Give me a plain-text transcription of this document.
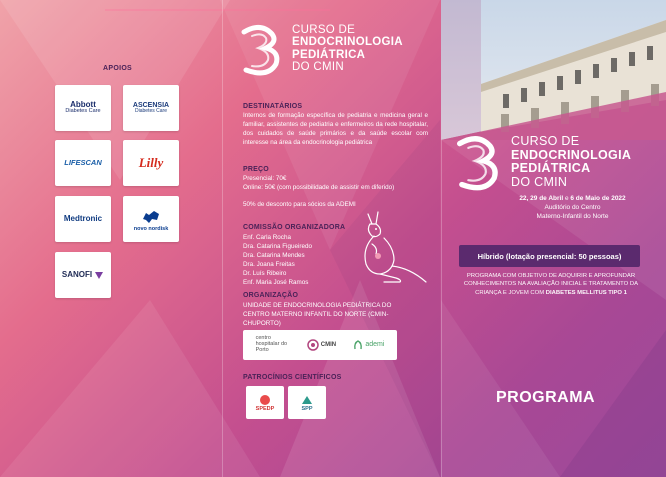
APOIOS
Abbott
Diabetes Care
ASCENSIA
Diabetes Care
LIFESCAN	Lilly
Medtronic
novo nordisk
SANOFI
CURSO DE
ENDOCRINOLOGIA
PEDIÁTRICA
DO CMIN
DESTINATÁRIOS
Internos de formação específica de pediatria e medicina geral e familiar, assistentes de pediatria e enfermeiros da rede hospitalar, dos cuidados de saúde primários e da saúde escolar com interesse na área da endocrinologia pediátrica
PREÇO
Presencial: 70€
Online: 50€ (com possibilidade de assistir em diferido)
50% de desconto para sócios da ADEMI
COMISSÃO ORGANIZADORA
Enf. Carla Rocha
Dra. Catarina Figueiredo
Dra. Catarina Mendes
Dra. Joana Freitas
Dr. Luís Ribeiro
Enf. Maria José Ramos
ORGANIZAÇÃO
UNIDADE DE ENDOCRINOLOGIA PEDIÁTRICA DO CENTRO MATERNO INFANTIL DO NORTE (CMIN-CHUPORTO)
centro hospitalar do Porto
CMIN	ademi
PATROCÍNIOS CIENTÍFICOS
SPEDP	SPP
CURSO DE
ENDOCRINOLOGIA
PEDIÁTRICA
DO CMIN
22, 29 de Abril e 6 de Maio de 2022
Auditório do Centro
Materno-Infantil do Norte
Híbrido (lotação presencial: 50 pessoas)
PROGRAMA COM OBJETIVO DE ADQUIRIR E APROFUNDAR CONHECIMENTOS NA AVALIAÇÃO INICIAL E TRATAMENTO DA CRIANÇA E JOVEM COM DIABETES MELLITUS TIPO 1
PROGRAMA
